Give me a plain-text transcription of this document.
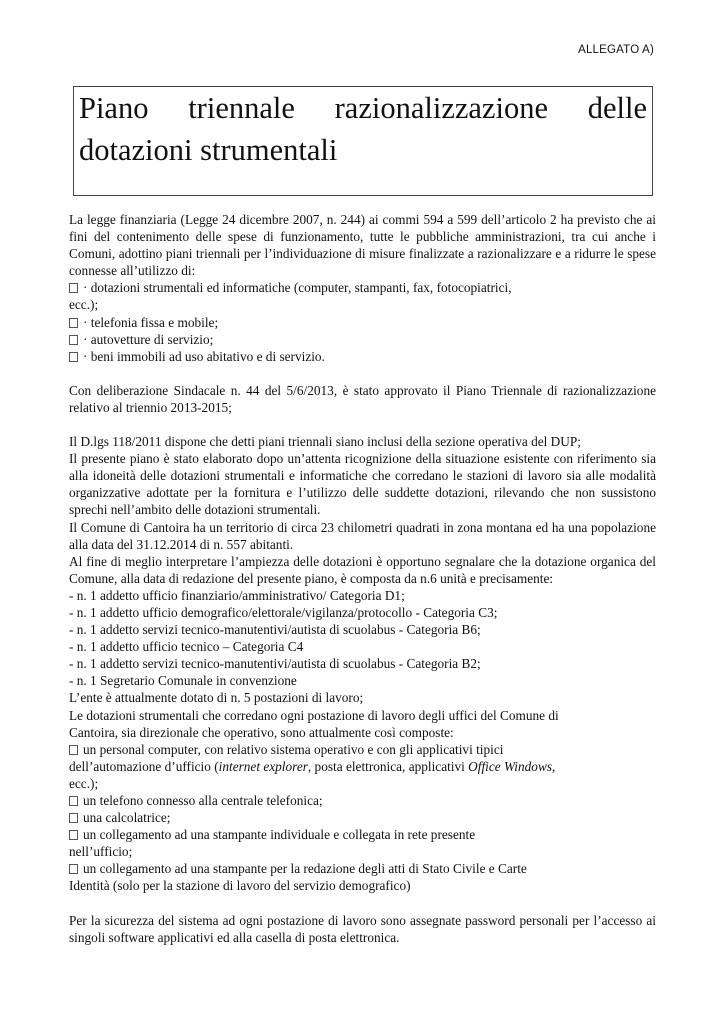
ALLEGATO A)
Piano triennale razionalizzazione delle dotazioni strumentali

La legge finanziaria (Legge 24 dicembre 2007, n. 244) ai commi 594 a 599 dell’articolo 2 ha previsto che ai fini del contenimento delle spese di funzionamento, tutte le pubbliche amministrazioni, tra cui anche i Comuni, adottino piani triennali per l’individuazione di misure finalizzate a razionalizzare e a ridurre le spese connesse all’utilizzo di:

· dotazioni strumentali ed informatiche (computer, stampanti, fax, fotocopiatrici,

ecc.);

· telefonia fissa e mobile;

· autovetture di servizio;

· beni immobili ad uso abitativo e di servizio.

Con deliberazione Sindacale n. 44 del 5/6/2013, è stato approvato il Piano Triennale di razionalizzazione relativo al triennio 2013-2015;

Il D.lgs 118/2011 dispone che detti piani triennali siano inclusi della sezione operativa del DUP;

Il presente piano è stato elaborato dopo un’attenta ricognizione della situazione esistente con riferimento sia alla idoneità delle dotazioni strumentali e informatiche che corredano le stazioni di lavoro sia alle modalità organizzative adottate per la fornitura e l’utilizzo delle suddette dotazioni, rilevando che non sussistono sprechi nell’ambito delle dotazioni strumentali.

Il Comune di Cantoira ha un territorio di circa 23 chilometri quadrati in zona montana ed ha una popolazione alla data del 31.12.2014 di n. 557 abitanti.

Al fine di meglio interpretare l’ampiezza delle dotazioni è opportuno segnalare che la dotazione organica del Comune, alla data di redazione del presente piano, è composta da n.6 unità e precisamente:

- n. 1 addetto ufficio finanziario/amministrativo/ Categoria D1;

- n. 1 addetto ufficio demografico/elettorale/vigilanza/protocollo - Categoria C3;

- n. 1 addetto servizi tecnico-manutentivi/autista di scuolabus - Categoria B6;

- n. 1 addetto ufficio tecnico – Categoria C4

- n. 1 addetto servizi tecnico-manutentivi/autista di scuolabus - Categoria B2;

- n. 1 Segretario Comunale in convenzione

L’ente è attualmente dotato di n. 5 postazioni di lavoro;

Le dotazioni strumentali che corredano ogni postazione di lavoro degli uffici del Comune di

Cantoira, sia direzionale che operativo, sono attualmente così composte:

un personal computer, con relativo sistema operativo e con gli applicativi tipici

dell’automazione d’ufficio (internet explorer, posta elettronica, applicativi Office Windows,

ecc.);

un telefono connesso alla centrale telefonica;

una calcolatrice;

un collegamento ad una stampante individuale e collegata in rete presente

nell’ufficio;

un collegamento ad una stampante per la redazione degli atti di Stato Civile e Carte

Identità (solo per la stazione di lavoro del servizio demografico)

Per la sicurezza del sistema ad ogni postazione di lavoro sono assegnate password personali per l’accesso ai singoli software applicativi ed alla casella di posta elettronica.
